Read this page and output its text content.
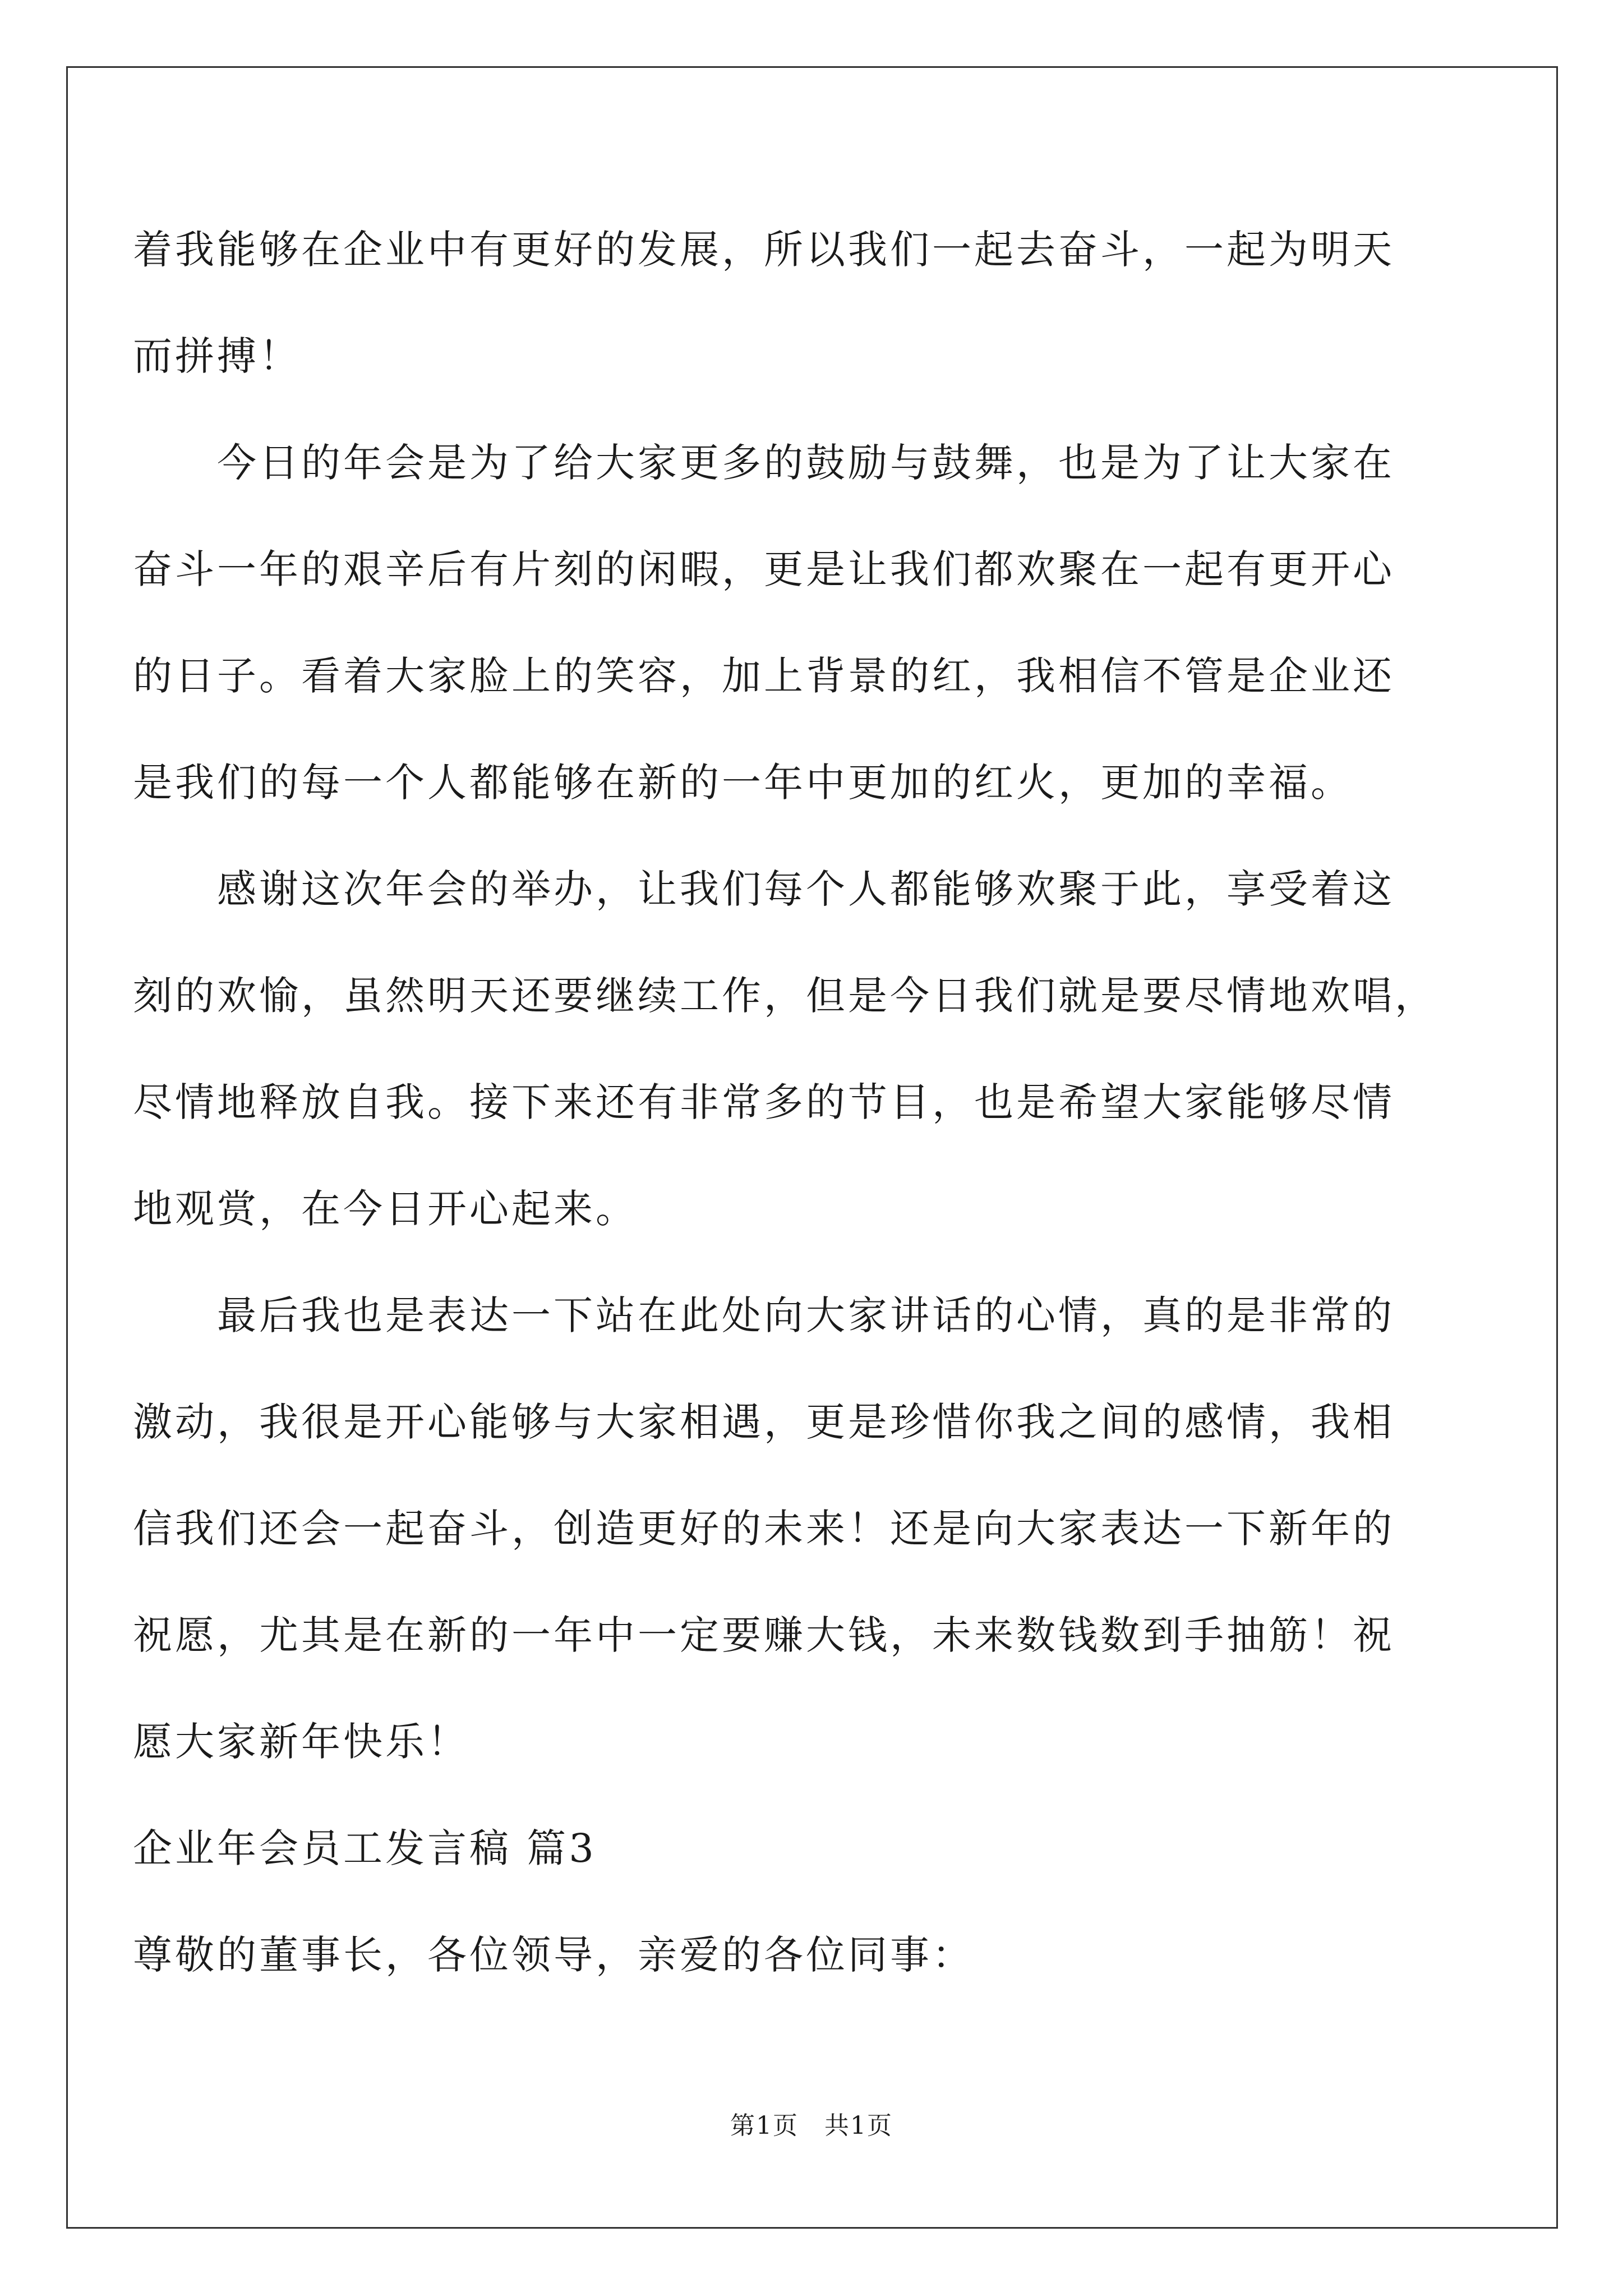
着我能够在企业中有更好的发展，所以我们一起去奋斗，一起为明天
而拼搏！
今日的年会是为了给大家更多的鼓励与鼓舞，也是为了让大家在
奋斗一年的艰辛后有片刻的闲暇，更是让我们都欢聚在一起有更开心
的日子。看着大家脸上的笑容，加上背景的红，我相信不管是企业还
是我们的每一个人都能够在新的一年中更加的红火，更加的幸福。
感谢这次年会的举办，让我们每个人都能够欢聚于此，享受着这
刻的欢愉，虽然明天还要继续工作，但是今日我们就是要尽情地欢唱，
尽情地释放自我。接下来还有非常多的节目，也是希望大家能够尽情
地观赏，在今日开心起来。
最后我也是表达一下站在此处向大家讲话的心情，真的是非常的
激动，我很是开心能够与大家相遇，更是珍惜你我之间的感情，我相
信我们还会一起奋斗，创造更好的未来！还是向大家表达一下新年的
祝愿，尤其是在新的一年中一定要赚大钱，未来数钱数到手抽筋！祝
愿大家新年快乐！
企业年会员工发言稿 篇3
尊敬的董事长，各位领导，亲爱的各位同事：
第1页　共1页
